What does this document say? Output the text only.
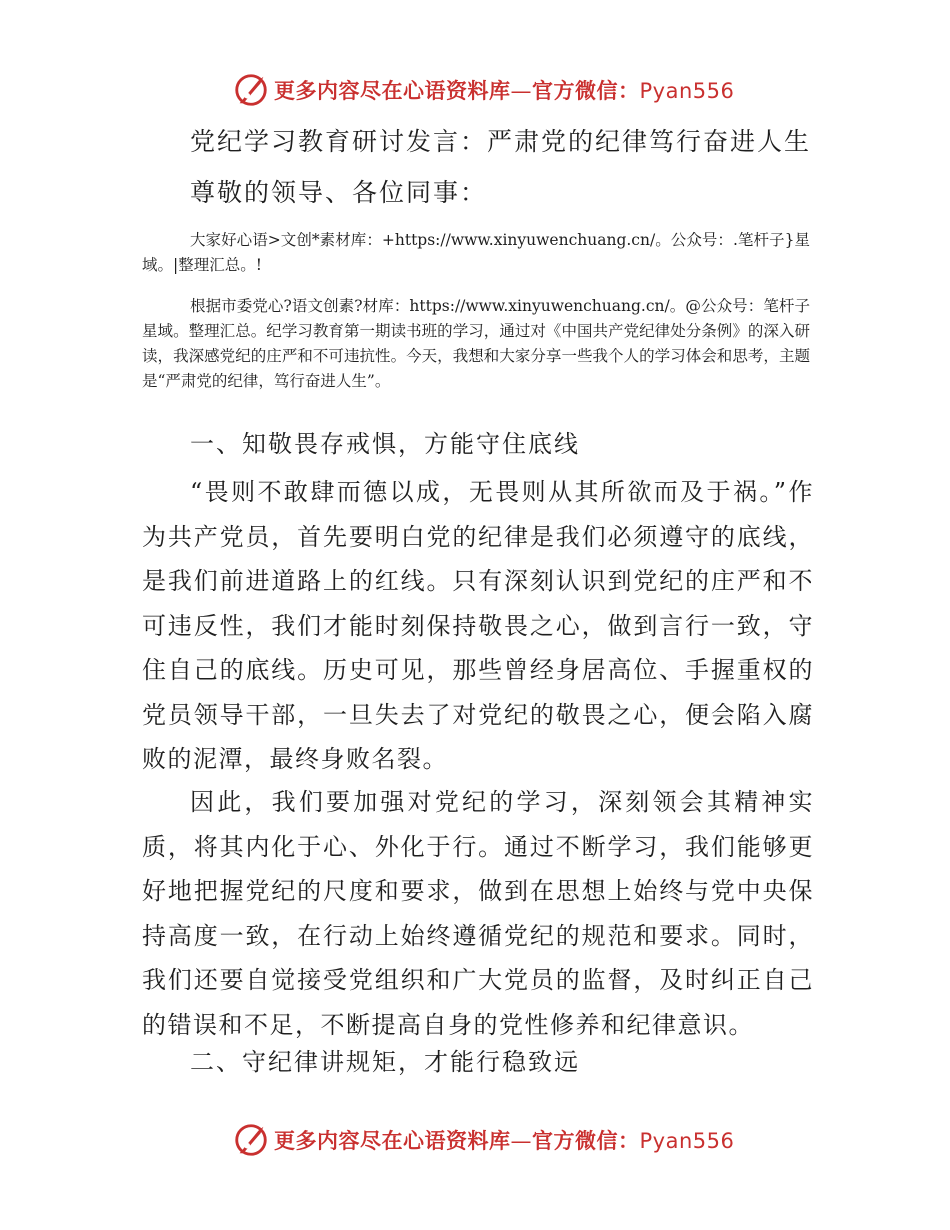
更多内容尽在心语资料库—官方微信：Pyan556
党纪学习教育研讨发言：严肃党的纪律笃行奋进人生
尊敬的领导、各位同事：

大家好心语>文创*素材库：+https://www.xinyuwenchuang.cn/。公众号：.笔杆子}星域。|整理汇总。!

根据市委党心?语文创素?材库：https://www.xinyuwenchuang.cn/。@公众号：笔杆子星域。整理汇总。纪学习教育第一期读书班的学习，通过对《中国共产党纪律处分条例》的深入研读，我深感党纪的庄严和不可违抗性。今天，我想和大家分享一些我个人的学习体会和思考，主题是“严肃党的纪律，笃行奋进人生”。

一、知敬畏存戒惧，方能守住底线

“畏则不敢肆而德以成，无畏则从其所欲而及于祸。”作为共产党员，首先要明白党的纪律是我们必须遵守的底线，是我们前进道路上的红线。只有深刻认识到党纪的庄严和不可违反性，我们才能时刻保持敬畏之心，做到言行一致，守住自己的底线。历史可见，那些曾经身居高位、手握重权的党员领导干部，一旦失去了对党纪的敬畏之心，便会陷入腐败的泥潭，最终身败名裂。

因此，我们要加强对党纪的学习，深刻领会其精神实质，将其内化于心、外化于行。通过不断学习，我们能够更好地把握党纪的尺度和要求，做到在思想上始终与党中央保持高度一致，在行动上始终遵循党纪的规范和要求。同时，我们还要自觉接受党组织和广大党员的监督，及时纠正自己的错误和不足，不断提高自身的党性修养和纪律意识。

二、守纪律讲规矩，才能行稳致远
更多内容尽在心语资料库—官方微信：Pyan556
